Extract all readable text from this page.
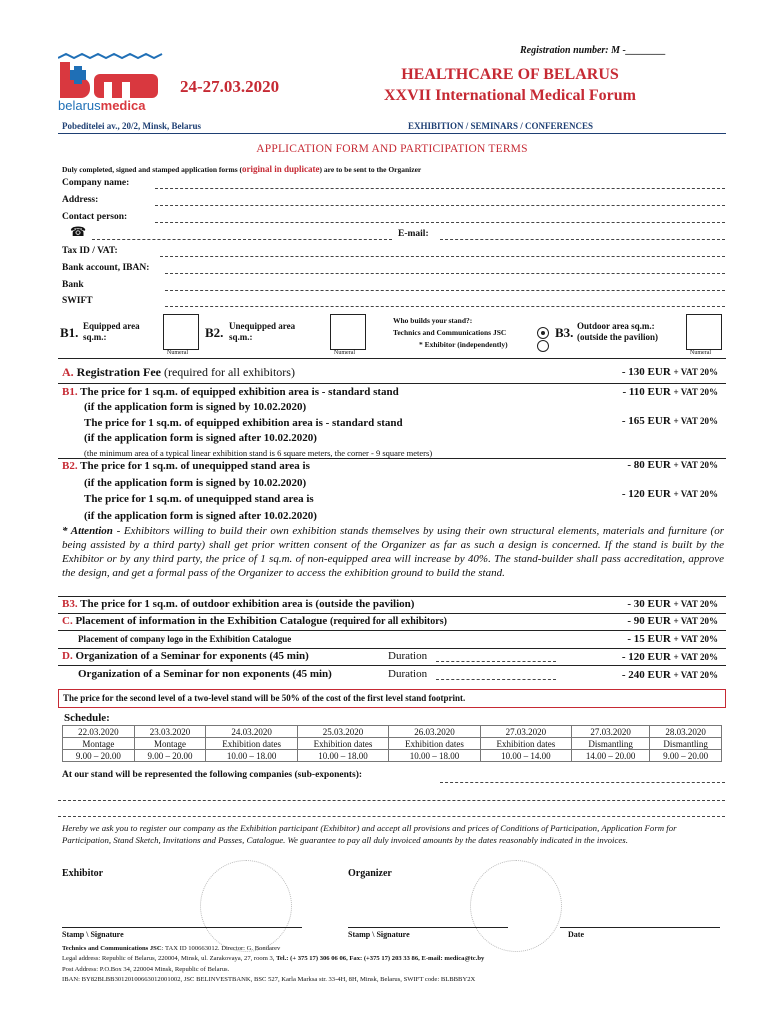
Registration number: M -________
belarusmedica
24-27.03.2020
HEALTHCARE OF BELARUS
XXVII International Medical Forum
Pobeditelei av., 20/2, Minsk, Belarus	EXHIBITION / SEMINARS / CONFERENCES
APPLICATION FORM AND PARTICIPATION TERMS
Duly completed, signed and stamped application forms (original in duplicate) are to be sent to the Organizer
Company name:
Address:
Contact person:
☎	E-mail:
Tax ID / VAT:
Bank account, IBAN:
Bank
SWIFT
B1. Equipped area sq.m.:
Numeral
B2. Unequipped area sq.m.:
Numeral
Who builds your stand?:
Technics and Communications JSC
* Exhibitor (independently)
B3. Outdoor area sq.m.: (outside the pavilion)
Numeral
A. Registration Fee (required for all exhibitors)	- 130 EUR + VAT 20%
B1. The price for 1 sq.m. of equipped exhibition area is - standard stand
(if the application form is signed by 10.02.2020)
- 110 EUR + VAT 20%
The price for 1 sq.m. of equipped exhibition area is - standard stand
(if the application form is signed after 10.02.2020)
- 165 EUR + VAT 20%
(the minimum area of a typical linear exhibition stand is 6 square meters, the corner - 9 square meters)
B2. The price for 1 sq.m. of unequipped stand area is
(if the application form is signed by 10.02.2020)
- 80 EUR + VAT 20%
The price for 1 sq.m. of unequipped stand area is
(if the application form is signed after 10.02.2020)
- 120 EUR + VAT 20%
* Attention - Exhibitors willing to build their own exhibition stands themselves by using their own structural elements, materials and furniture (or being assisted by a third party) shall get prior written consent of the Organizer as far as such a design is concerned. If the stand is built by the Exhibitor or by any third party, the price of 1 sq.m. of non-equipped area will increase by 40%. The stand-builder shall pass accreditation, approve the design, and get a formal pass of the Organizer to access the exhibition ground to build the stand.
B3. The price for 1 sq.m. of outdoor exhibition area is (outside the pavilion)	- 30 EUR + VAT 20%
C. Placement of information in the Exhibition Catalogue (required for all exhibitors)	- 90 EUR + VAT 20%
Placement of company logo in the Exhibition Catalogue	- 15 EUR + VAT 20%
D. Organization of a Seminar for exponents (45 min)	Duration	- 120 EUR + VAT 20%
Organization of a Seminar for non exponents (45 min)	Duration	- 240 EUR + VAT 20%
The price for the second level of a two-level stand will be 50% of the cost of the first level stand footprint.
Schedule:
22.03.2020	23.03.2020	24.03.2020	25.03.2020	26.03.2020	27.03.2020	27.03.2020	28.03.2020
Montage	Montage	Exhibition dates	Exhibition dates	Exhibition dates	Exhibition dates	Dismantling	Dismantling
9.00 – 20.00	9.00 – 20.00	10.00 – 18.00	10.00 – 18.00	10.00 – 18.00	10.00 – 14.00	14.00 – 20.00	9.00 – 20.00
At our stand will be represented the following companies (sub-exponents):
Hereby we ask you to register our company as the Exhibition participant (Exhibitor) and accept all provisions and prices of Conditions of Participation, Application Form for Participation, Stand Sketch, Invitations and Passes, Catalogue. We guarantee to pay all duly invoiced amounts by the dates reasonably indicated in the invoices.
Exhibitor	Organizer
Stamp \ Signature	Stamp \ Signature	Date
Technics and Communications JSC: TAX ID 100663012. Director: G. Bondarev
Legal address: Republic of Belarus, 220004, Minsk, ul. Zarakovaya, 27, room 3, Tel.: (+ 375 17) 306 06 06, Fax: (+375 17) 203 33 86, E-mail: medica@tc.by
Post Address: P.O.Box 34, 220004 Minsk, Republic of Belarus.
IBAN: BY82BLBB30120100663012001002, JSC BELINVESTBANK, BSC 527, Karla Marksa str. 33-4H, 8H, Minsk, Belarus, SWIFT code: BLBBBY2X
